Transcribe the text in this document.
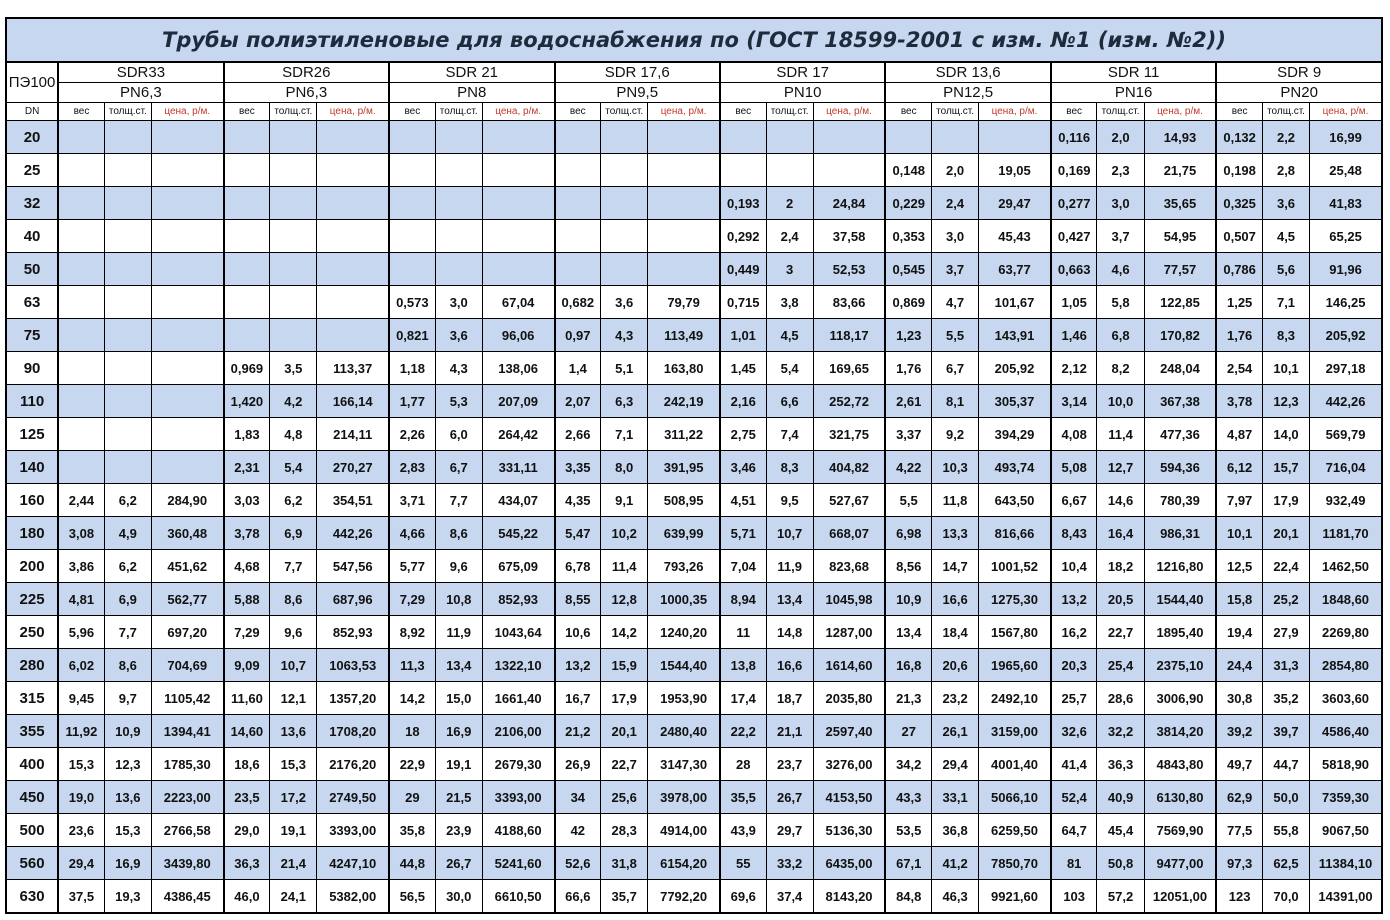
Трубы полиэтиленовые для водоснабжения по (ГОСТ 18599-2001 с изм. №1 (изм. №2))
ПЭ100	SDR33			SDR26			SDR 21			SDR 17,6			SDR 17			SDR 13,6			SDR 11			SDR 9		
	PN6,3			PN6,3			PN8			PN9,5			PN10			PN12,5			PN16			PN20		
DN	вес	толщ.ст.	цена, р/м.	вес	толщ.ст.	цена, р/м.	вес	толщ.ст.	цена, р/м.	вес	толщ.ст.	цена, р/м.	вес	толщ.ст.	цена, р/м.	вес	толщ.ст.	цена, р/м.	вес	толщ.ст.	цена, р/м.	вес	толщ.ст.	цена, р/м.
20																			0,116	2,0	14,93	0,132	2,2	16,99
25																0,148	2,0	19,05	0,169	2,3	21,75	0,198	2,8	25,48
32													0,193	2	24,84	0,229	2,4	29,47	0,277	3,0	35,65	0,325	3,6	41,83
40													0,292	2,4	37,58	0,353	3,0	45,43	0,427	3,7	54,95	0,507	4,5	65,25
50													0,449	3	52,53	0,545	3,7	63,77	0,663	4,6	77,57	0,786	5,6	91,96
63							0,573	3,0	67,04	0,682	3,6	79,79	0,715	3,8	83,66	0,869	4,7	101,67	1,05	5,8	122,85	1,25	7,1	146,25
75							0,821	3,6	96,06	0,97	4,3	113,49	1,01	4,5	118,17	1,23	5,5	143,91	1,46	6,8	170,82	1,76	8,3	205,92
90				0,969	3,5	113,37	1,18	4,3	138,06	1,4	5,1	163,80	1,45	5,4	169,65	1,76	6,7	205,92	2,12	8,2	248,04	2,54	10,1	297,18
110				1,420	4,2	166,14	1,77	5,3	207,09	2,07	6,3	242,19	2,16	6,6	252,72	2,61	8,1	305,37	3,14	10,0	367,38	3,78	12,3	442,26
125				1,83	4,8	214,11	2,26	6,0	264,42	2,66	7,1	311,22	2,75	7,4	321,75	3,37	9,2	394,29	4,08	11,4	477,36	4,87	14,0	569,79
140				2,31	5,4	270,27	2,83	6,7	331,11	3,35	8,0	391,95	3,46	8,3	404,82	4,22	10,3	493,74	5,08	12,7	594,36	6,12	15,7	716,04
160	2,44	6,2	284,90	3,03	6,2	354,51	3,71	7,7	434,07	4,35	9,1	508,95	4,51	9,5	527,67	5,5	11,8	643,50	6,67	14,6	780,39	7,97	17,9	932,49
180	3,08	4,9	360,48	3,78	6,9	442,26	4,66	8,6	545,22	5,47	10,2	639,99	5,71	10,7	668,07	6,98	13,3	816,66	8,43	16,4	986,31	10,1	20,1	1181,70
200	3,86	6,2	451,62	4,68	7,7	547,56	5,77	9,6	675,09	6,78	11,4	793,26	7,04	11,9	823,68	8,56	14,7	1001,52	10,4	18,2	1216,80	12,5	22,4	1462,50
225	4,81	6,9	562,77	5,88	8,6	687,96	7,29	10,8	852,93	8,55	12,8	1000,35	8,94	13,4	1045,98	10,9	16,6	1275,30	13,2	20,5	1544,40	15,8	25,2	1848,60
250	5,96	7,7	697,20	7,29	9,6	852,93	8,92	11,9	1043,64	10,6	14,2	1240,20	11	14,8	1287,00	13,4	18,4	1567,80	16,2	22,7	1895,40	19,4	27,9	2269,80
280	6,02	8,6	704,69	9,09	10,7	1063,53	11,3	13,4	1322,10	13,2	15,9	1544,40	13,8	16,6	1614,60	16,8	20,6	1965,60	20,3	25,4	2375,10	24,4	31,3	2854,80
315	9,45	9,7	1105,42	11,60	12,1	1357,20	14,2	15,0	1661,40	16,7	17,9	1953,90	17,4	18,7	2035,80	21,3	23,2	2492,10	25,7	28,6	3006,90	30,8	35,2	3603,60
355	11,92	10,9	1394,41	14,60	13,6	1708,20	18	16,9	2106,00	21,2	20,1	2480,40	22,2	21,1	2597,40	27	26,1	3159,00	32,6	32,2	3814,20	39,2	39,7	4586,40
400	15,3	12,3	1785,30	18,6	15,3	2176,20	22,9	19,1	2679,30	26,9	22,7	3147,30	28	23,7	3276,00	34,2	29,4	4001,40	41,4	36,3	4843,80	49,7	44,7	5818,90
450	19,0	13,6	2223,00	23,5	17,2	2749,50	29	21,5	3393,00	34	25,6	3978,00	35,5	26,7	4153,50	43,3	33,1	5066,10	52,4	40,9	6130,80	62,9	50,0	7359,30
500	23,6	15,3	2766,58	29,0	19,1	3393,00	35,8	23,9	4188,60	42	28,3	4914,00	43,9	29,7	5136,30	53,5	36,8	6259,50	64,7	45,4	7569,90	77,5	55,8	9067,50
560	29,4	16,9	3439,80	36,3	21,4	4247,10	44,8	26,7	5241,60	52,6	31,8	6154,20	55	33,2	6435,00	67,1	41,2	7850,70	81	50,8	9477,00	97,3	62,5	11384,10
630	37,5	19,3	4386,45	46,0	24,1	5382,00	56,5	30,0	6610,50	66,6	35,7	7792,20	69,6	37,4	8143,20	84,8	46,3	9921,60	103	57,2	12051,00	123	70,0	14391,00
